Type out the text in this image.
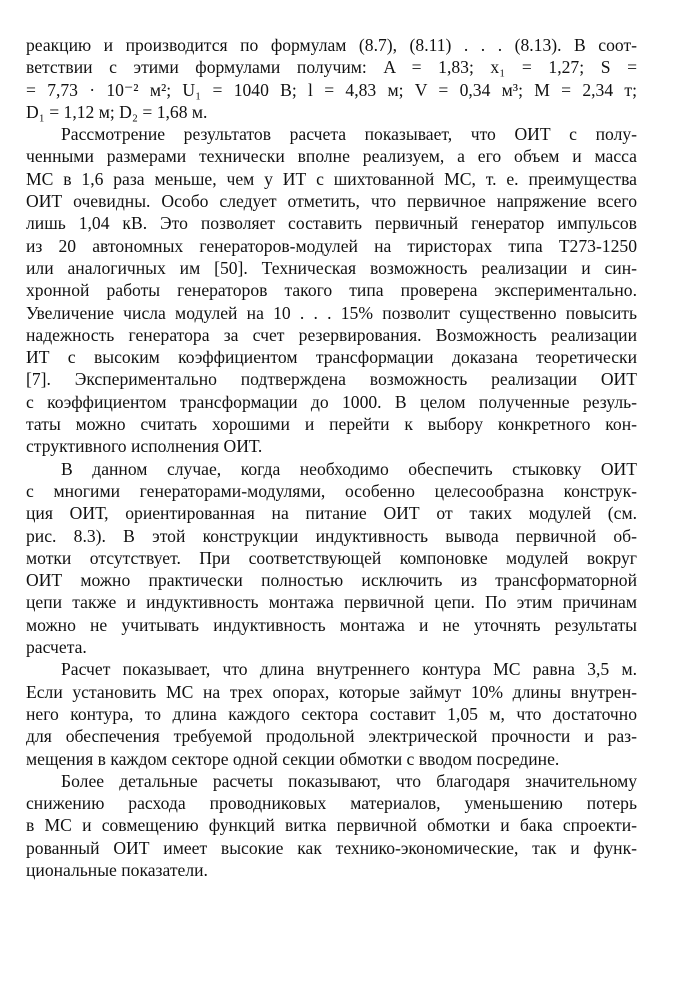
реакцию и производится по формулам (8.7), (8.11) . . . (8.13). В соот-
ветствии с этими формулами получим: A = 1,83; x₁ = 1,27; S =
= 7,73 · 10⁻² м²; U₁ = 1040 В; l = 4,83 м; V = 0,34 м³; M = 2,34 т;
D₁ = 1,12 м; D₂ = 1,68 м.
Рассмотрение результатов расчета показывает, что ОИТ с полу-
ченными размерами технически вполне реализуем, а его объем и масса
МС в 1,6 раза меньше, чем у ИТ с шихтованной МС, т. е. преимущества
ОИТ очевидны. Особо следует отметить, что первичное напряжение всего
лишь 1,04 кВ. Это позволяет составить первичный генератор импульсов
из 20 автономных генераторов-модулей на тиристорах типа Т273-1250
или аналогичных им [50]. Техническая возможность реализации и син-
хронной работы генераторов такого типа проверена экспериментально.
Увеличение числа модулей на 10 . . . 15% позволит существенно повысить
надежность генератора за счет резервирования. Возможность реализации
ИТ с высоким коэффициентом трансформации доказана теоретически
[7]. Экспериментально подтверждена возможность реализации ОИТ
с коэффициентом трансформации до 1000. В целом полученные резуль-
таты можно считать хорошими и перейти к выбору конкретного кон-
структивного исполнения ОИТ.
В данном случае, когда необходимо обеспечить стыковку ОИТ
с многими генераторами-модулями, особенно целесообразна конструк-
ция ОИТ, ориентированная на питание ОИТ от таких модулей (см.
рис. 8.3). В этой конструкции индуктивность вывода первичной об-
мотки отсутствует. При соответствующей компоновке модулей вокруг
ОИТ можно практически полностью исключить из трансформаторной
цепи также и индуктивность монтажа первичной цепи. По этим причинам
можно не учитывать индуктивность монтажа и не уточнять результаты
расчета.
Расчет показывает, что длина внутреннего контура МС равна 3,5 м.
Если установить МС на трех опорах, которые займут 10% длины внутрен-
него контура, то длина каждого сектора составит 1,05 м, что достаточно
для обеспечения требуемой продольной электрической прочности и раз-
мещения в каждом секторе одной секции обмотки с вводом посредине.
Более детальные расчеты показывают, что благодаря значительному
снижению расхода проводниковых материалов, уменьшению потерь
в МС и совмещению функций витка первичной обмотки и бака спроекти-
рованный ОИТ имеет высокие как технико-экономические, так и функ-
циональные показатели.
